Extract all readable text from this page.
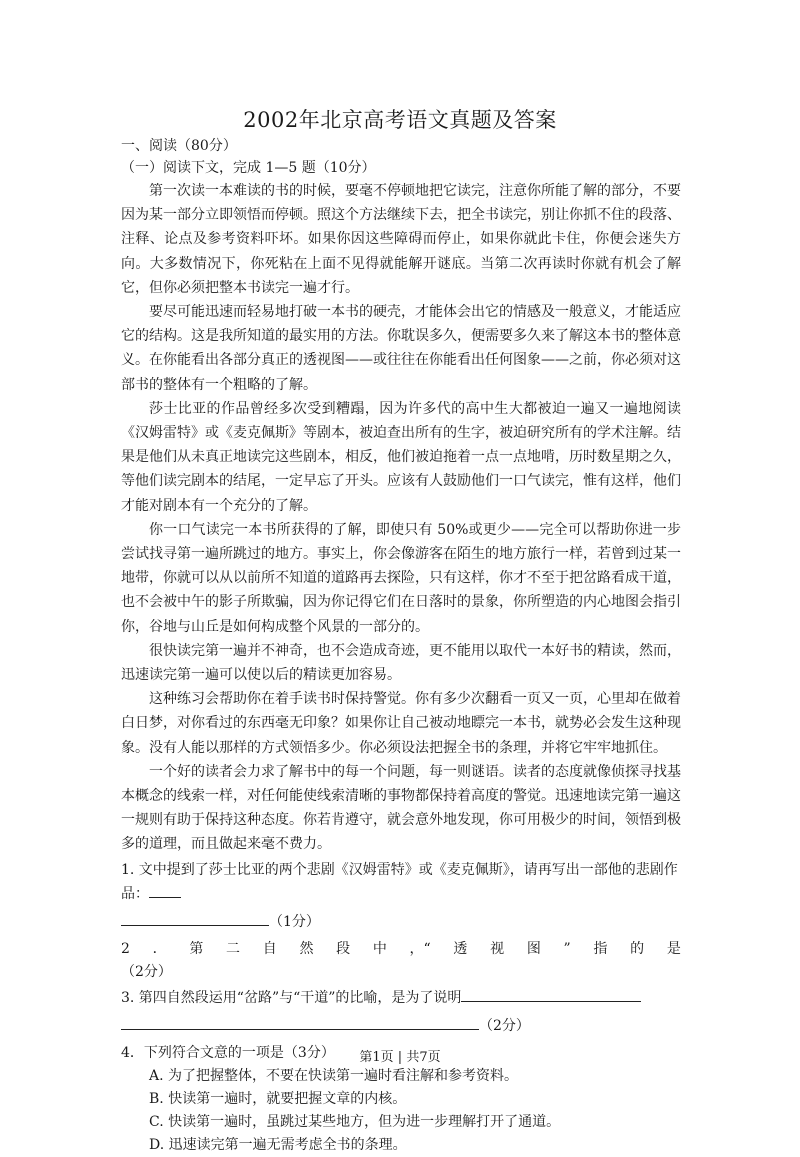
2002年北京高考语文真题及答案

一、阅读（80分）

（一）阅读下文，完成 1—5 题（10分）

第一次读一本难读的书的时候，要毫不停顿地把它读完，注意你所能了解的部分，不要因为某一部分立即领悟而停顿。照这个方法继续下去，把全书读完，别让你抓不住的段落、注释、论点及参考资料吓坏。如果你因这些障碍而停止，如果你就此卡住，你便会迷失方向。大多数情况下，你死粘在上面不见得就能解开谜底。当第二次再读时你就有机会了解它，但你必须把整本书读完一遍才行。

要尽可能迅速而轻易地打破一本书的硬壳，才能体会出它的情感及一般意义，才能适应它的结构。这是我所知道的最实用的方法。你耽误多久，便需要多久来了解这本书的整体意义。在你能看出各部分真正的透视图——或往往在你能看出任何图象——之前，你必须对这部书的整体有一个粗略的了解。

莎士比亚的作品曾经多次受到糟蹋，因为许多代的高中生大都被迫一遍又一遍地阅读《汉姆雷特》或《麦克佩斯》等剧本，被迫查出所有的生字，被迫研究所有的学术注解。结果是他们从未真正地读完这些剧本，相反，他们被迫拖着一点一点地啃，历时数星期之久，等他们读完剧本的结尾，一定早忘了开头。应该有人鼓励他们一口气读完，惟有这样，他们才能对剧本有一个充分的了解。

你一口气读完一本书所获得的了解，即使只有 50%或更少——完全可以帮助你进一步尝试找寻第一遍所跳过的地方。事实上，你会像游客在陌生的地方旅行一样，若曾到过某一地带，你就可以从以前所不知道的道路再去探险，只有这样，你才不至于把岔路看成干道，也不会被中午的影子所欺骗，因为你记得它们在日落时的景象，你所塑造的内心地图会指引你，谷地与山丘是如何构成整个风景的一部分的。

很快读完第一遍并不神奇，也不会造成奇迹，更不能用以取代一本好书的精读，然而，迅速读完第一遍可以使以后的精读更加容易。

这种练习会帮助你在着手读书时保持警觉。你有多少次翻看一页又一页，心里却在做着白日梦，对你看过的东西毫无印象？如果你让自己被动地瞟完一本书，就势必会发生这种现象。没有人能以那样的方式领悟多少。你必须设法把握全书的条理，并将它牢牢地抓住。

一个好的读者会力求了解书中的每一个问题，每一则谜语。读者的态度就像侦探寻找基本概念的线索一样，对任何能使线索清晰的事物都保持着高度的警觉。迅速地读完第一遍这一规则有助于保持这种态度。你若肯遵守，就会意外地发现，你可用极少的时间，领悟到极多的道理，而且做起来毫不费力。

1. 文中提到了莎士比亚的两个悲剧《汉姆雷特》或《麦克佩斯》，请再写出一部他的悲剧作品：
（1分）
2 ． 第 二 自 然 段 中 ，“ 透 视 图 ” 指 的 是
（2分）
3. 第四自然段运用“岔路”与“干道”的比喻，是为了说明
（2分）
4．下列符合文意的一项是（3分）
A. 为了把握整体，不要在快读第一遍时看注解和参考资料。
B. 快读第一遍时，就要把握文章的内核。
C. 快读第一遍时，虽跳过某些地方，但为进一步理解打开了通道。
D. 迅速读完第一遍无需考虑全书的条理。
第1页 | 共7页
